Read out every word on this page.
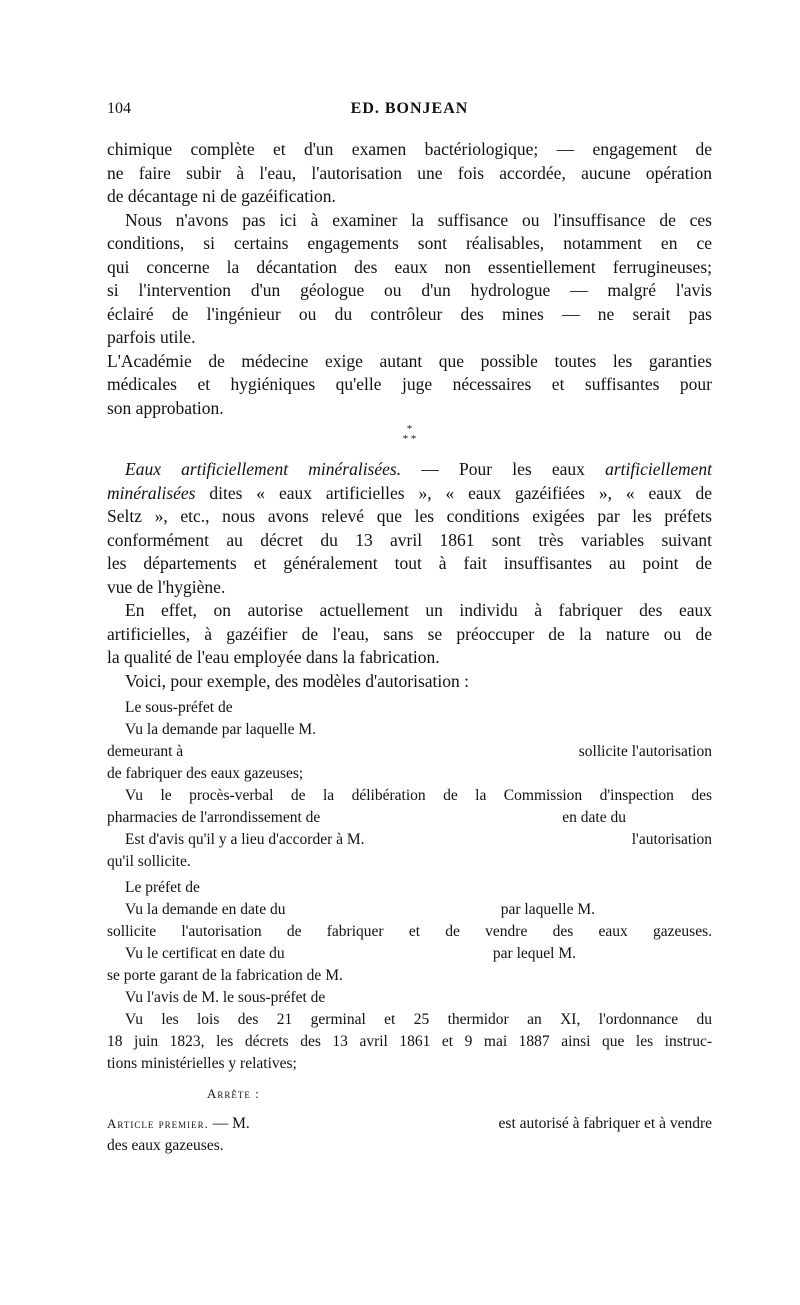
104	ED. BONJEAN

chimique complète et d'un examen bactériologique; — engagement de
ne faire subir à l'eau, l'autorisation une fois accordée, aucune opération
de décantage ni de gazéification.

Nous n'avons pas ici à examiner la suffisance ou l'insuffisance de ces
conditions, si certains engagements sont réalisables, notamment en ce
qui concerne la décantation des eaux non essentiellement ferrugineuses;
si l'intervention d'un géologue ou d'un hydrologue — malgré l'avis
éclairé de l'ingénieur ou du contrôleur des mines — ne serait pas
parfois utile.

L'Académie de médecine exige autant que possible toutes les garanties
médicales et hygiéniques qu'elle juge nécessaires et suffisantes pour
son approbation.

*
* *

Eaux artificiellement minéralisées. — Pour les eaux artificiellement
minéralisées dites « eaux artificielles », « eaux gazéifiées », « eaux de
Seltz », etc., nous avons relevé que les conditions exigées par les préfets
conformément au décret du 13 avril 1861 sont très variables suivant
les départements et généralement tout à fait insuffisantes au point de
vue de l'hygiène.

En effet, on autorise actuellement un individu à fabriquer des eaux
artificielles, à gazéifier de l'eau, sans se préoccuper de la nature ou de
la qualité de l'eau employée dans la fabrication.

Voici, pour exemple, des modèles d'autorisation :

Le sous-préfet de
Vu la demande par laquelle M.
demeurant à	sollicite l'autorisation
de fabriquer des eaux gazeuses;
Vu le procès-verbal de la délibération de la Commission d'inspection des
pharmacies de l'arrondissement de	en date du
Est d'avis qu'il y a lieu d'accorder à M.	l'autorisation
qu'il sollicite.
Le préfet de
Vu la demande en date du	par laquelle M.
sollicite l'autorisation de fabriquer et de vendre des eaux gazeuses.
Vu le certificat en date du	par lequel M.
se porte garant de la fabrication de M.
Vu l'avis de M. le sous-préfet de
Vu les lois des 21 germinal et 25 thermidor an XI, l'ordonnance du
18 juin 1823, les décrets des 13 avril 1861 et 9 mai 1887 ainsi que les instruc-
tions ministérielles y relatives;
Arrête :
Article premier. — M.	est autorisé à fabriquer et à vendre
des eaux gazeuses.
